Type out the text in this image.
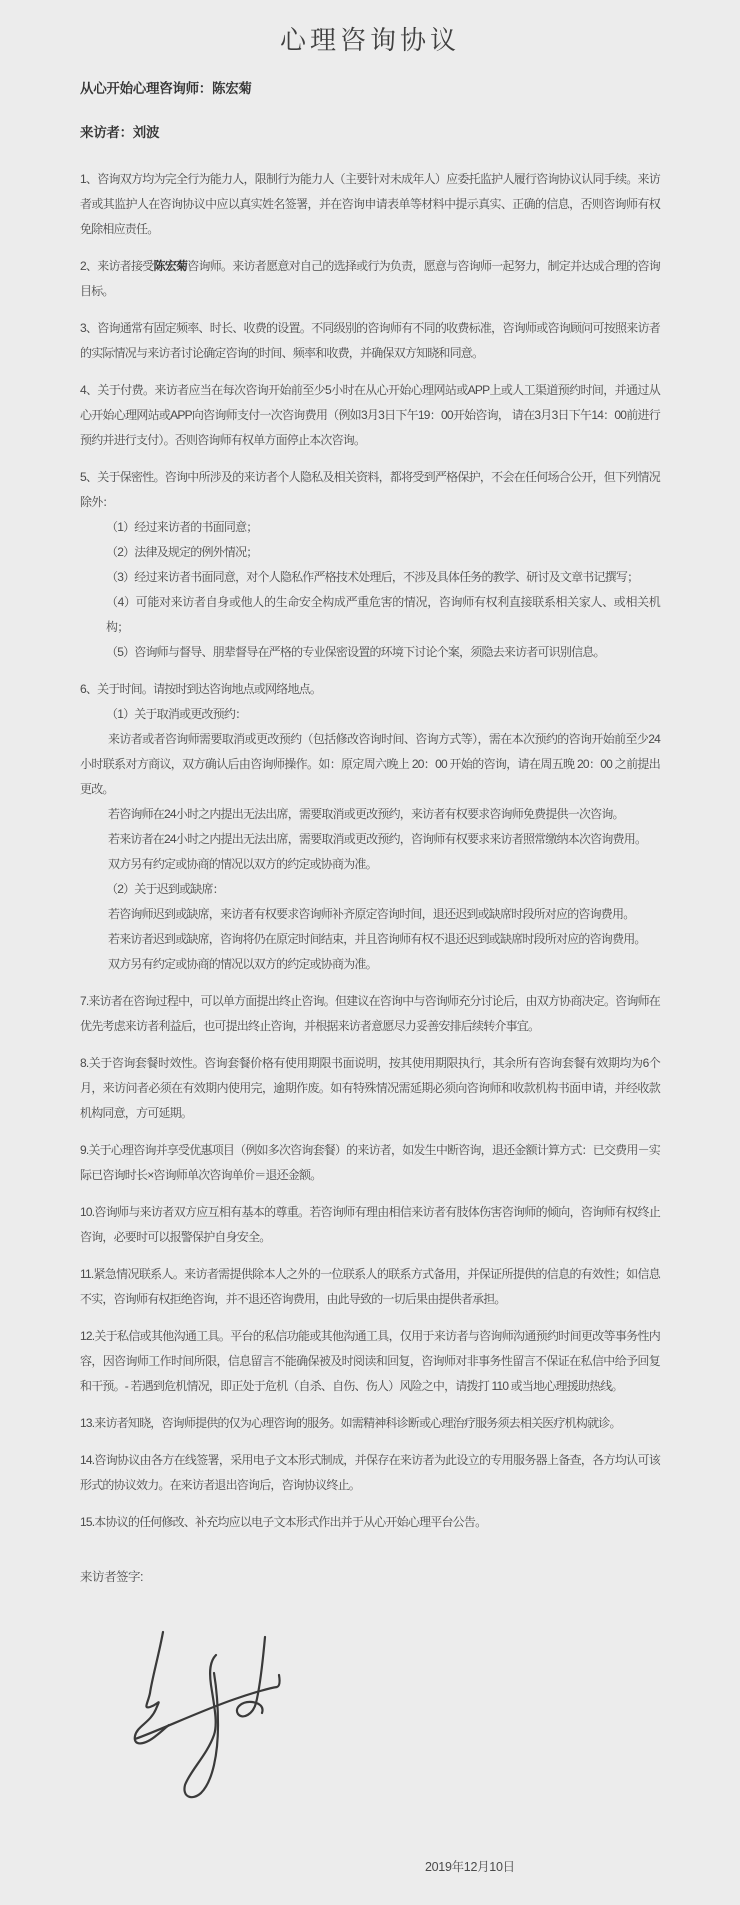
心理咨询协议

从心开始心理咨询师：陈宏菊

来访者：刘波

1、咨询双方均为完全行为能力人，限制行为能力人（主要针对未成年人）应委托监护人履行咨询协议认同手续。来访者或其监护人在咨询协议中应以真实姓名签署，并在咨询申请表单等材料中提示真实、正确的信息，否则咨询师有权免除相应责任。

2、来访者接受陈宏菊咨询师。来访者愿意对自己的选择或行为负责，愿意与咨询师一起努力，制定并达成合理的咨询目标。

3、咨询通常有固定频率、时长、收费的设置。不同级别的咨询师有不同的收费标准，咨询师或咨询顾问可按照来访者的实际情况与来访者讨论确定咨询的时间、频率和收费，并确保双方知晓和同意。

4、关于付费。来访者应当在每次咨询开始前至少5小时在从心开始心理网站或APP上或人工渠道预约时间，并通过从心开始心理网站或APP向咨询师支付一次咨询费用（例如3月3日下午19：00开始咨询， 请在3月3日下午14：00前进行预约并进行支付）。否则咨询师有权单方面停止本次咨询。

5、关于保密性。咨询中所涉及的来访者个人隐私及相关资料，都将受到严格保护，不会在任何场合公开，但下列情况除外：

（1）经过来访者的书面同意；

（2）法律及规定的例外情况；

（3）经过来访者书面同意，对个人隐私作严格技术处理后，不涉及具体任务的教学、研讨及文章书记撰写；

（4）可能对来访者自身或他人的生命安全构成严重危害的情况，咨询师有权利直接联系相关家人、或相关机构；

（5）咨询师与督导、朋辈督导在严格的专业保密设置的环境下讨论个案，须隐去来访者可识别信息。

6、关于时间。请按时到达咨询地点或网络地点。

（1）关于取消或更改预约：

来访者或者咨询师需要取消或更改预约（包括修改咨询时间、咨询方式等），需在本次预约的咨询开始前至少24小时联系对方商议，双方确认后由咨询师操作。如：原定周六晚上 20：00 开始的咨询，请在周五晚 20：00 之前提出更改。

若咨询师在24小时之内提出无法出席，需要取消或更改预约，来访者有权要求咨询师免费提供一次咨询。

若来访者在24小时之内提出无法出席，需要取消或更改预约，咨询师有权要求来访者照常缴纳本次咨询费用。

双方另有约定或协商的情况以双方的约定或协商为准。

（2）关于迟到或缺席：

若咨询师迟到或缺席，来访者有权要求咨询师补齐原定咨询时间，退还迟到或缺席时段所对应的咨询费用。

若来访者迟到或缺席，咨询将仍在原定时间结束，并且咨询师有权不退还迟到或缺席时段所对应的咨询费用。

双方另有约定或协商的情况以双方的约定或协商为准。

7.来访者在咨询过程中，可以单方面提出终止咨询。但建议在咨询中与咨询师充分讨论后，由双方协商决定。咨询师在优先考虑来访者利益后，也可提出终止咨询，并根据来访者意愿尽力妥善安排后续转介事宜。

8.关于咨询套餐时效性。咨询套餐价格有使用期限书面说明，按其使用期限执行，其余所有咨询套餐有效期均为6个月，来访问者必须在有效期内使用完，逾期作废。如有特殊情况需延期必须向咨询师和收款机构书面申请，并经收款机构同意，方可延期。

9.关于心理咨询并享受优惠项目（例如多次咨询套餐）的来访者，如发生中断咨询，退还金额计算方式：已交费用－实际已咨询时长×咨询师单次咨询单价＝退还金额。

10.咨询师与来访者双方应互相有基本的尊重。若咨询师有理由相信来访者有肢体伤害咨询师的倾向，咨询师有权终止咨询，必要时可以报警保护自身安全。

11.紧急情况联系人。来访者需提供除本人之外的一位联系人的联系方式备用，并保证所提供的信息的有效性；如信息不实，咨询师有权拒绝咨询，并不退还咨询费用，由此导致的一切后果由提供者承担。

12.关于私信或其他沟通工具。平台的私信功能或其他沟通工具，仅用于来访者与咨询师沟通预约时间更改等事务性内容，因咨询师工作时间所限，信息留言不能确保被及时阅读和回复，咨询师对非事务性留言不保证在私信中给予回复和干预。- 若遇到危机情况，即正处于危机（自杀、自伤、伤人）风险之中，请拨打 110 或当地心理援助热线。

13.来访者知晓，咨询师提供的仅为心理咨询的服务。如需精神科诊断或心理治疗服务须去相关医疗机构就诊。

14.咨询协议由各方在线签署，采用电子文本形式制成，并保存在来访者为此设立的专用服务器上备查，各方均认可该形式的协议效力。在来访者退出咨询后，咨询协议终止。

15.本协议的任何修改、补充均应以电子文本形式作出并于从心开始心理平台公告。

来访者签字:

2019年12月10日
